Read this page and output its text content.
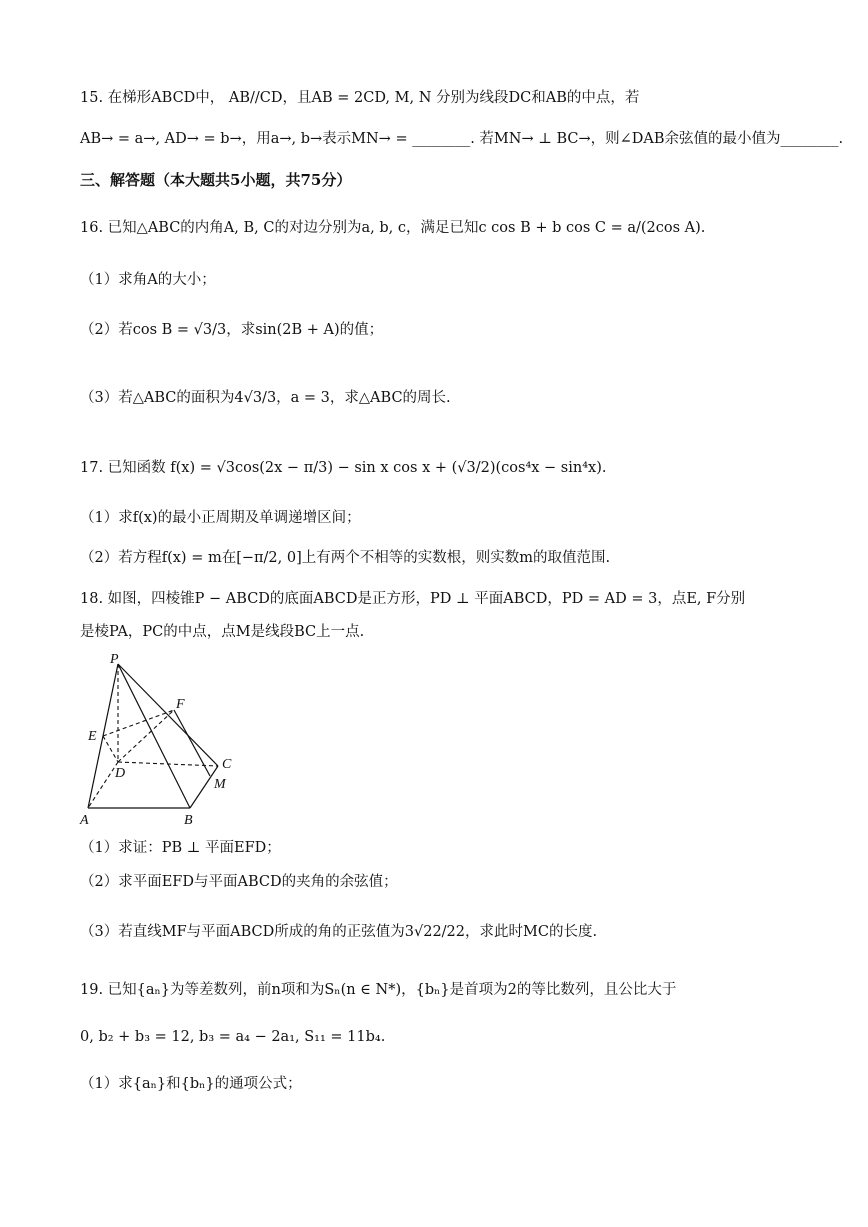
15. 在梯形ABCD中， AB//CD，且AB = 2CD, M, N 分别为线段DC和AB的中点，若
AB→ = a→, AD→ = b→，用a→, b→表示MN→ = ________. 若MN→ ⊥ BC→，则∠DAB余弦值的最小值为________.
三、解答题（本大题共5小题，共75分）
16. 已知△ABC的内角A, B, C的对边分别为a, b, c，满足已知c cos B + b cos C = a/(2cos A).
（1）求角A的大小；
（2）若cos B = √3/3，求sin(2B + A)的值；
（3）若△ABC的面积为4√3/3，a = 3，求△ABC的周长.
17. 已知函数 f(x) = √3cos(2x − π/3) − sin x cos x + (√3/2)(cos⁴x − sin⁴x).
（1）求f(x)的最小正周期及单调递增区间；
（2）若方程f(x) = m在[−π/2, 0]上有两个不相等的实数根，则实数m的取值范围.
18. 如图，四棱锥P − ABCD的底面ABCD是正方形，PD ⊥ 平面ABCD，PD = AD = 3，点E, F分别
是棱PA，PC的中点，点M是线段BC上一点.
P
F
E
D
C
M
A	B
（1）求证：PB ⊥ 平面EFD；
（2）求平面EFD与平面ABCD的夹角的余弦值；
（3）若直线MF与平面ABCD所成的角的正弦值为3√22/22，求此时MC的长度.
19. 已知{aₙ}为等差数列，前n项和为Sₙ(n ∈ N*)，{bₙ}是首项为2的等比数列，且公比大于
0, b₂ + b₃ = 12, b₃ = a₄ − 2a₁, S₁₁ = 11b₄.
（1）求{aₙ}和{bₙ}的通项公式；
